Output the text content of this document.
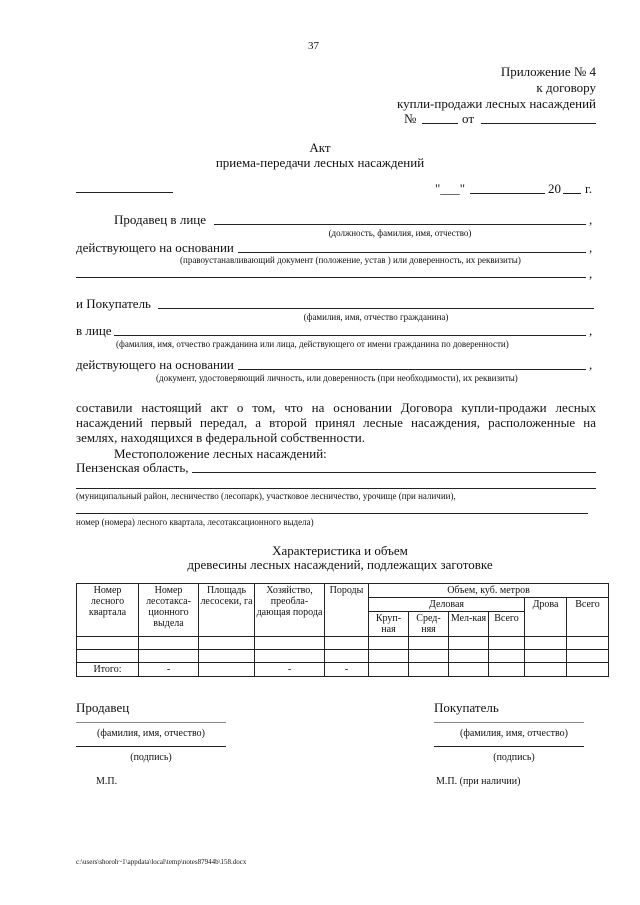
37
Приложение № 4
к договору
купли-продажи лесных насаждений
№	от
Акт
приема-передачи лесных насаждений
"___"	20 г.
Продавец в лице	,
(должность, фамилия, имя, отчество)
действующего на основании	,
(правоустанавливающий документ (положение, устав ) или доверенность, их реквизиты)
,
и Покупатель
(фамилия, имя, отчество гражданина)
в лице	,
(фамилия, имя, отчество гражданина или лица, действующего от имени гражданина по доверенности)
действующего на основании	,
(документ, удостоверяющий личность, или доверенность (при необходимости), их реквизиты)
составили настоящий акт о том, что на основании Договора купли-продажи лесных насаждений первый передал, а второй принял лесные насаждения, расположенные на землях, находящихся в федеральной собственности.
Местоположение лесных насаждений:
Пензенская область,
(муниципальный район, лесничество (лесопарк), участковое лесничество, урочище (при наличии),
номер (номера) лесного квартала, лесотаксационного выдела)
Характеристика и объем
древесины лесных насаждений, подлежащих заготовке
Номер лесного квартала	Номер лесотакса-ционного выдела	Площадь лесосеки, га	Хозяйство, преобла-дающая порода	Породы	Объем, куб. метров					
					Деловая				Дрова	Всего
					Круп-ная	Сред-няя	Мел-кая	Всего		

Итого:	-		-	-						
Продавец	Покупатель
(фамилия, имя, отчество)	(фамилия, имя, отчество)
(подпись)	(подпись)
М.П.	М.П. (при наличии)
c:\users\shoroh~1\appdata\local\temp\notes87944b\158.docx
